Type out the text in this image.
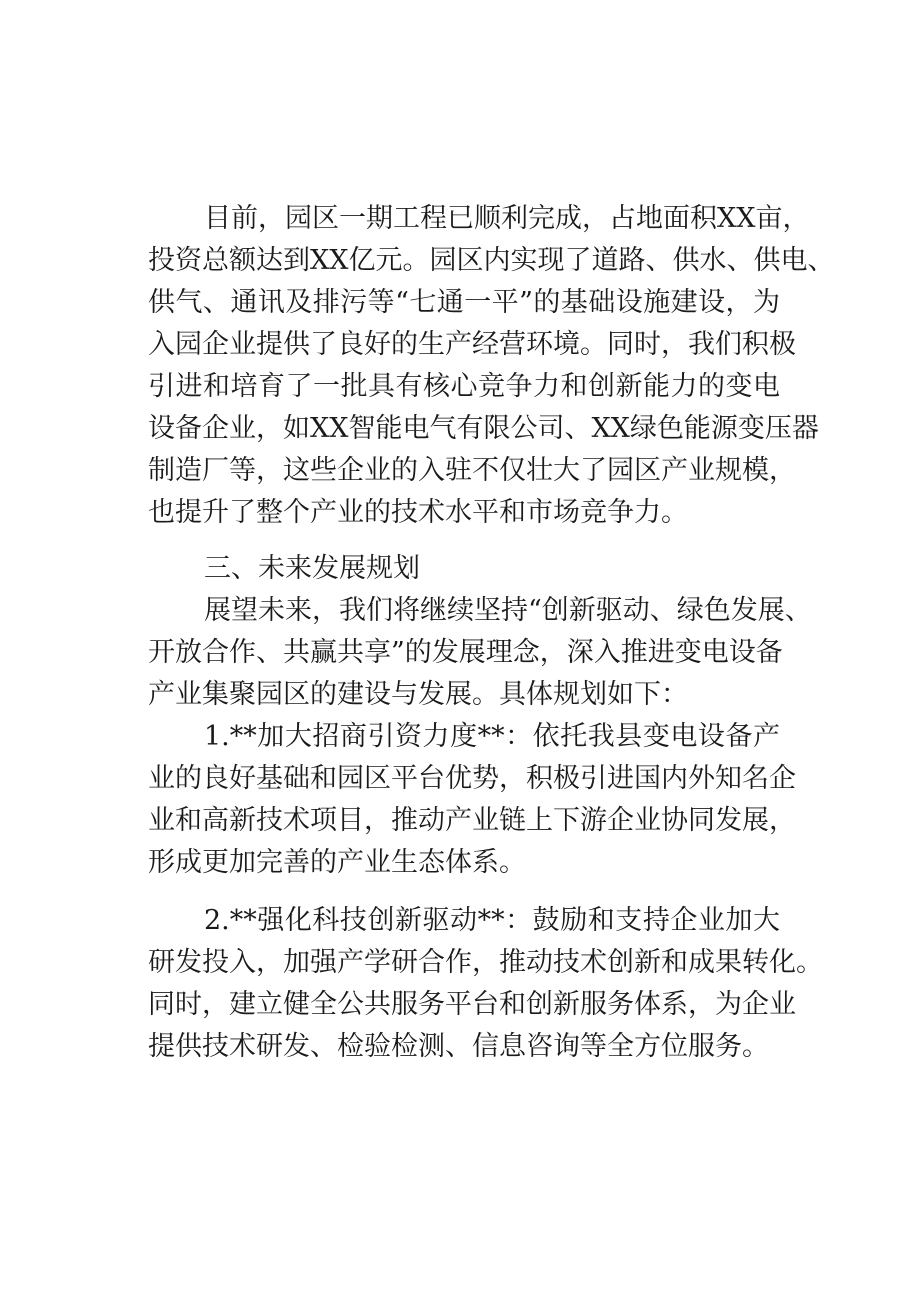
目前，园区一期工程已顺利完成，占地面积XX亩，
投资总额达到XX亿元。园区内实现了道路、供水、供电、
供气、通讯及排污等“七通一平”的基础设施建设，为
入园企业提供了良好的生产经营环境。同时，我们积极
引进和培育了一批具有核心竞争力和创新能力的变电
设备企业，如XX智能电气有限公司、XX绿色能源变压器
制造厂等，这些企业的入驻不仅壮大了园区产业规模，
也提升了整个产业的技术水平和市场竞争力。
三、未来发展规划
展望未来，我们将继续坚持“创新驱动、绿色发展、
开放合作、共赢共享”的发展理念，深入推进变电设备
产业集聚园区的建设与发展。具体规划如下：
1.**加大招商引资力度**：依托我县变电设备产
业的良好基础和园区平台优势，积极引进国内外知名企
业和高新技术项目，推动产业链上下游企业协同发展，
形成更加完善的产业生态体系。
2.**强化科技创新驱动**：鼓励和支持企业加大
研发投入，加强产学研合作，推动技术创新和成果转化。
同时，建立健全公共服务平台和创新服务体系，为企业
提供技术研发、检验检测、信息咨询等全方位服务。
